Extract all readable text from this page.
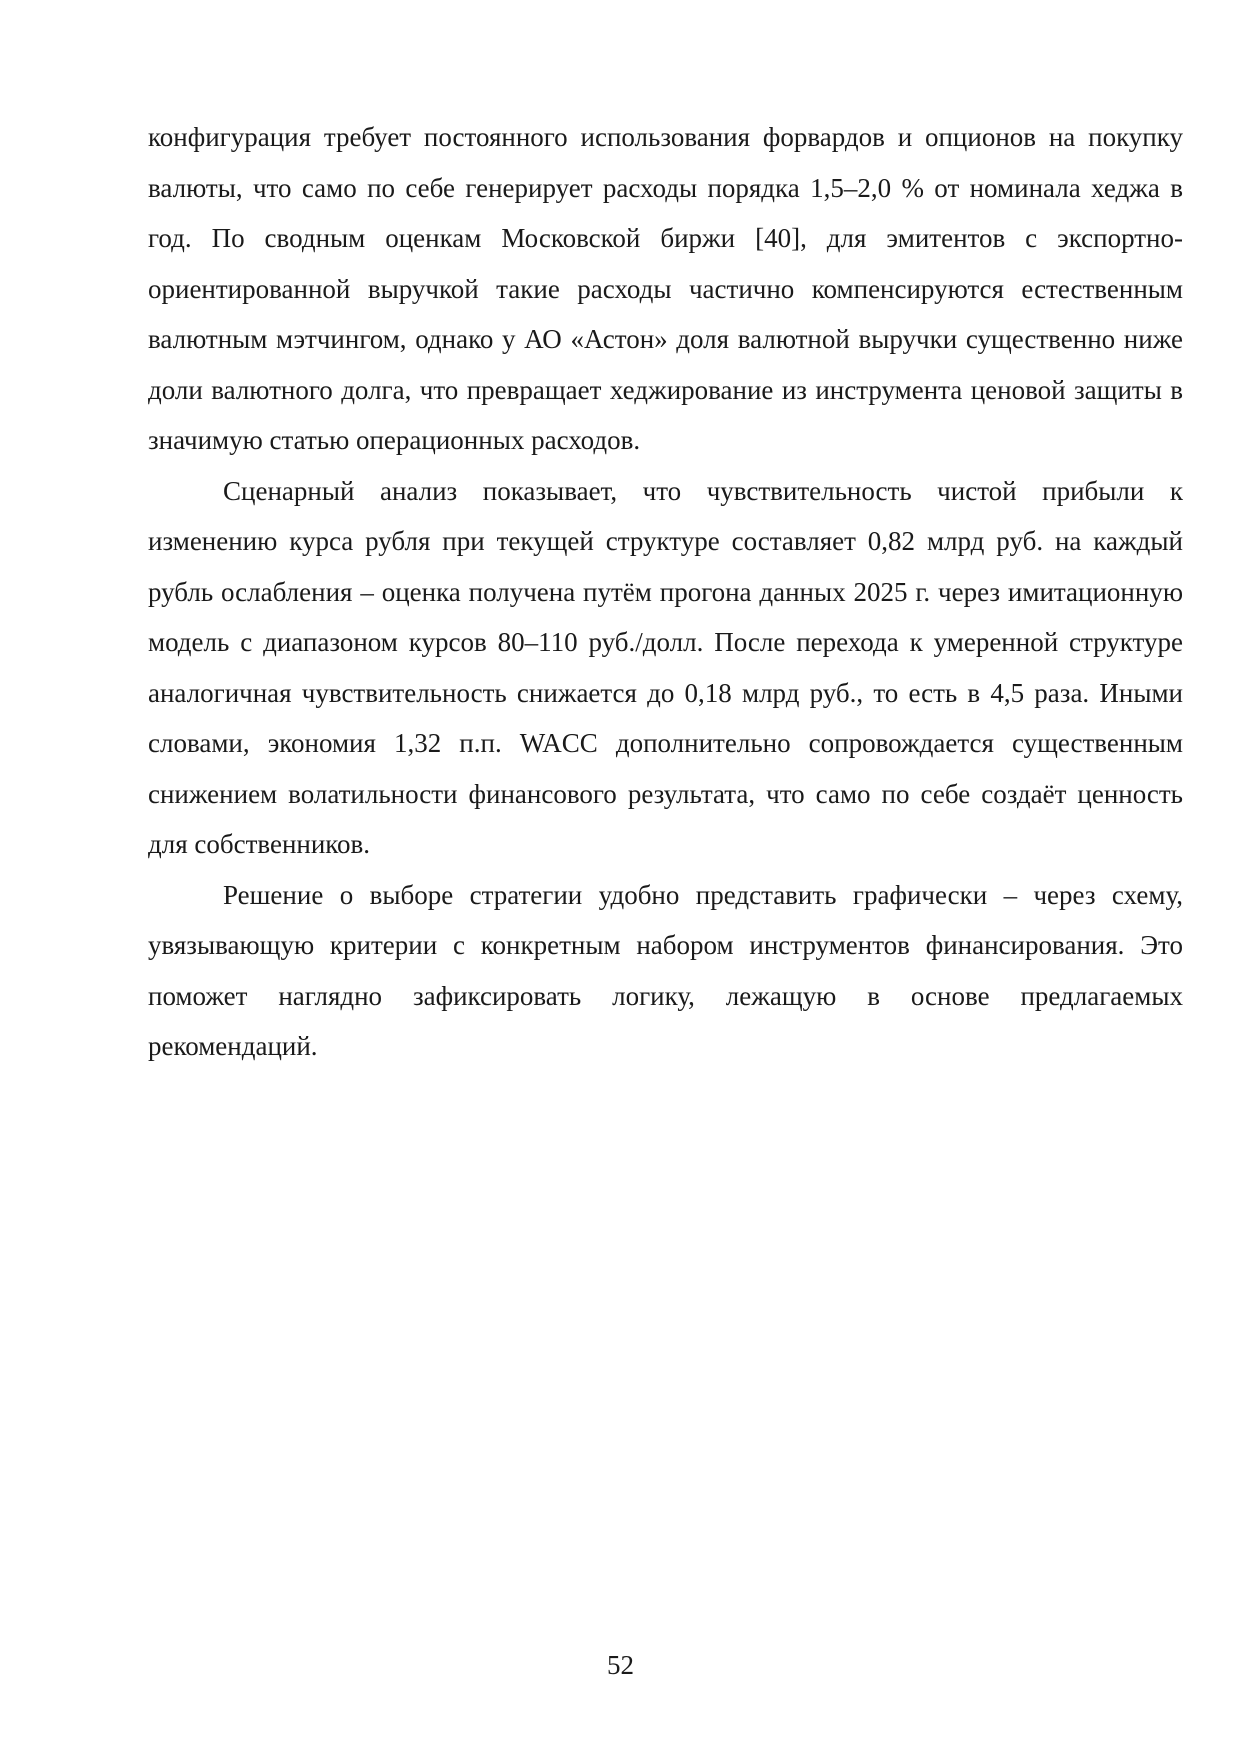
конфигурация требует постоянного использования форвардов и опционов на покупку валюты, что само по себе генерирует расходы порядка 1,5–2,0 % от номинала хеджа в год. По сводным оценкам Московской биржи [40], для эмитентов с экспортно-ориентированной выручкой такие расходы частично компенсируются естественным валютным мэтчингом, однако у АО «Астон» доля валютной выручки существенно ниже доли валютного долга, что превращает хеджирование из инструмента ценовой защиты в значимую статью операционных расходов.

Сценарный анализ показывает, что чувствительность чистой прибыли к изменению курса рубля при текущей структуре составляет 0,82 млрд руб. на каждый рубль ослабления – оценка получена путём прогона данных 2025 г. через имитационную модель с диапазоном курсов 80–110 руб./долл. После перехода к умеренной структуре аналогичная чувствительность снижается до 0,18 млрд руб., то есть в 4,5 раза. Иными словами, экономия 1,32 п.п. WACC дополнительно сопровождается существенным снижением волатильности финансового результата, что само по себе создаёт ценность для собственников.

Решение о выборе стратегии удобно представить графически – через схему, увязывающую критерии с конкретным набором инструментов финансирования. Это поможет наглядно зафиксировать логику, лежащую в основе предлагаемых рекомендаций.

52
